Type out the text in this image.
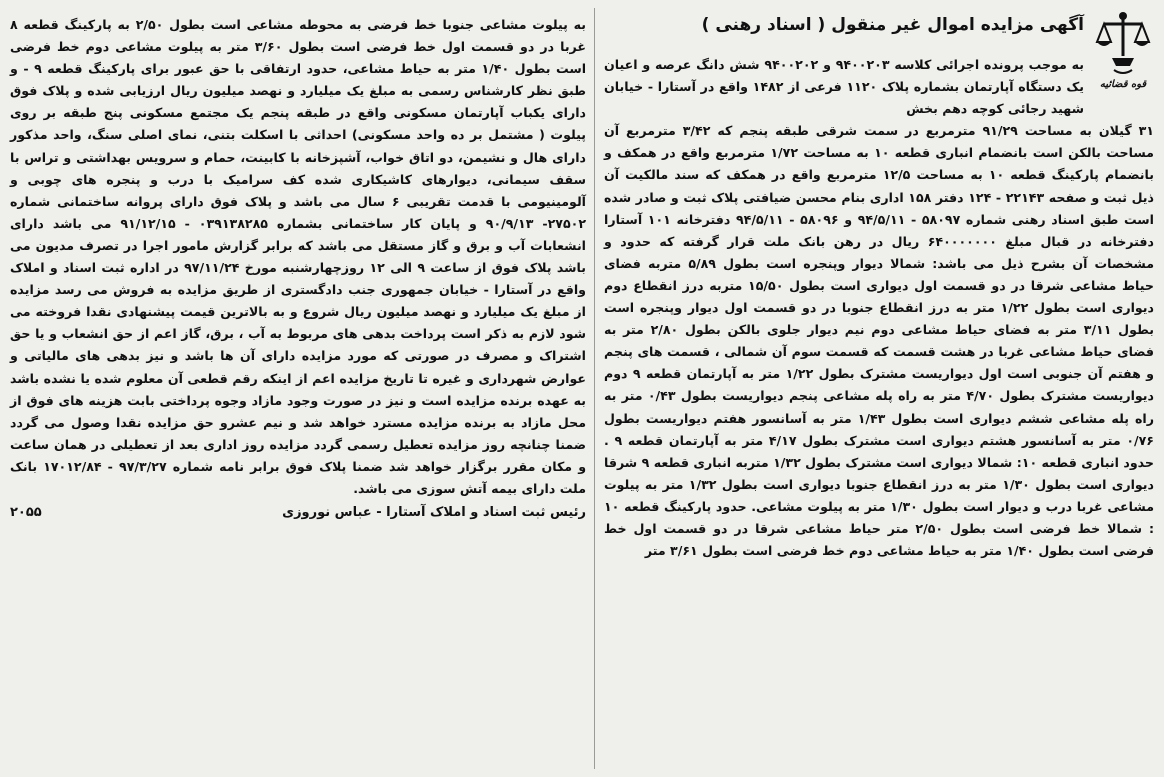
قوه قضائیه
آگهی مزایده اموال غیر منقول ( اسناد رهنی )

به موجب پرونده اجرائی کلاسه ۹۴۰۰۲۰۳ و ۹۴۰۰۲۰۲ شش دانگ عرصه و اعیان یک دستگاه آپارتمان بشماره پلاک ۱۱۲۰ فرعی از ۱۴۸۲ واقع در آستارا - خیابان شهید رجائی کوچه دهم بخش

۳۱ گیلان به مساحت ۹۱/۲۹ مترمربع در سمت شرقی طبقه پنجم که ۳/۴۲ مترمربع آن مساحت بالکن است بانضمام انباری قطعه ۱۰ به مساحت ۱/۷۲ مترمربع واقع در همکف و بانضمام پارکینگ قطعه ۱۰ به مساحت ۱۲/۵ مترمربع واقع در همکف که سند مالکیت آن ذیل ثبت و صفحه ۲۲۱۴۳ - ۱۲۴ دفتر ۱۵۸ اداری بنام محسن ضیافتی پلاک ثبت و صادر شده است طبق اسناد رهنی شماره ۵۸۰۹۷ - ۹۴/۵/۱۱ و ۵۸۰۹۶ - ۹۴/۵/۱۱ دفترخانه ۱۰۱ آستارا دفترخانه در قبال مبلغ ۶۴۰۰۰۰۰۰۰ ریال در رهن بانک ملت قرار گرفته که حدود و مشخصات آن بشرح ذیل می باشد: شمالا دیوار وپنجره است بطول ۵/۸۹ متربه فضای حیاط مشاعی شرقا در دو قسمت اول دیواری است بطول ۱۵/۵۰ متربه درز انقطاع دوم دیواری است بطول ۱/۲۲ متر به درز انقطاع جنوبا در دو قسمت اول دیوار وپنجره است بطول ۳/۱۱ متر به فضای حیاط مشاعی دوم نیم دیوار جلوی بالکن بطول ۲/۸۰ متر به فضای حیاط مشاعی غربا در هشت قسمت که قسمت سوم آن شمالی ، قسمت های پنجم و هفتم آن جنوبی است اول دیواریست مشترک بطول ۱/۲۲ متر به آپارتمان قطعه ۹ دوم دیواریست مشترک بطول ۴/۷۰ متر به راه پله مشاعی پنجم دیواریست بطول ۰/۴۳ متر به راه پله مشاعی ششم دیواری است بطول ۱/۴۳ متر به آسانسور هفتم دیواریست بطول ۰/۷۶ متر به آسانسور هشتم دیواری است مشترک بطول ۴/۱۷ متر به آپارتمان قطعه ۹ . حدود انباری قطعه ۱۰: شمالا دیواری است مشترک بطول ۱/۳۲ متربه انباری قطعه ۹ شرقا دیواری است بطول ۱/۳۰ متر به درز انقطاع جنوبا دیواری است بطول ۱/۳۲ متر به پیلوت مشاعی غربا درب و دیوار است بطول ۱/۳۰ متر به پیلوت مشاعی. حدود پارکینگ قطعه ۱۰ : شمالا خط فرضی است بطول ۲/۵۰ متر حیاط مشاعی شرقا در دو قسمت اول خط فرضی است بطول ۱/۴۰ متر به حیاط مشاعی دوم خط فرضی است بطول ۳/۶۱ متر

به پیلوت مشاعی جنوبا خط فرضی به محوطه مشاعی است بطول ۲/۵۰ به پارکینگ قطعه ۸ غربا در دو قسمت اول خط فرضی است بطول ۳/۶۰ متر به پیلوت مشاعی دوم خط فرضی است بطول ۱/۴۰ متر به حیاط مشاعی، حدود ارتفاقی با حق عبور برای پارکینگ قطعه ۹ - و طبق نظر کارشناس رسمی به مبلغ یک میلیارد و نهصد میلیون ریال ارزیابی شده و پلاک فوق دارای یکباب آپارتمان مسکونی واقع در طبقه پنجم یک مجتمع مسکونی پنج طبقه بر روی پیلوت ( مشتمل بر ده واحد مسکونی) احداثی با اسکلت بتنی، نمای اصلی سنگ، واحد مذکور دارای هال و نشیمن، دو اتاق خواب، آشپزخانه با کابینت، حمام و سرویس بهداشتی و تراس با سقف سیمانی، دیوارهای کاشیکاری شده کف سرامیک با درب و پنجره های چوبی و آلومینیومی با قدمت تقریبی ۶ سال می باشد و پلاک فوق دارای پروانه ساختمانی شماره ۲۷۵۰۲- ۹۰/۹/۱۳ و پایان کار ساختمانی بشماره ۰۳۹۱۳۸۲۸۵ - ۹۱/۱۲/۱۵ می باشد دارای انشعابات آب و برق و گاز مستقل می باشد که برابر گزارش مامور اجرا در تصرف مدیون می باشد پلاک فوق از ساعت ۹ الی ۱۲ روزچهارشنبه مورخ ۹۷/۱۱/۲۴ در اداره ثبت اسناد و املاک واقع در آستارا - خیابان جمهوری جنب دادگستری از طریق مزایده به فروش می رسد مزایده از مبلغ یک میلیارد و نهصد میلیون ریال شروع و به بالاترین قیمت پیشنهادی نقدا فروخته می شود لازم به ذکر است پرداخت بدهی های مربوط به آب ، برق، گاز اعم از حق انشعاب و یا حق اشتراک و مصرف در صورتی که مورد مزایده دارای آن ها باشد و نیز بدهی های مالیاتی و عوارض شهرداری و غیره تا تاریخ مزایده اعم از اینکه رقم قطعی آن معلوم شده یا نشده باشد به عهده برنده مزایده است و نیز در صورت وجود مازاد وجوه پرداختی بابت هزینه های فوق از محل مازاد به برنده مزایده مسترد خواهد شد و نیم عشرو حق مزایده نقدا وصول می گردد ضمنا چنانچه روز مزایده تعطیل رسمی گردد مزایده روز اداری بعد از تعطیلی در همان ساعت و مکان مقرر برگزار خواهد شد ضمنا پلاک فوق برابر نامه شماره ۹۷/۳/۲۷ - ۱۷۰۱۲/۸۴ بانک ملت دارای بیمه آتش سوزی می باشد.

رئیس ثبت اسناد و املاک آستارا - عباس نوروزی
۲۰۵۵
